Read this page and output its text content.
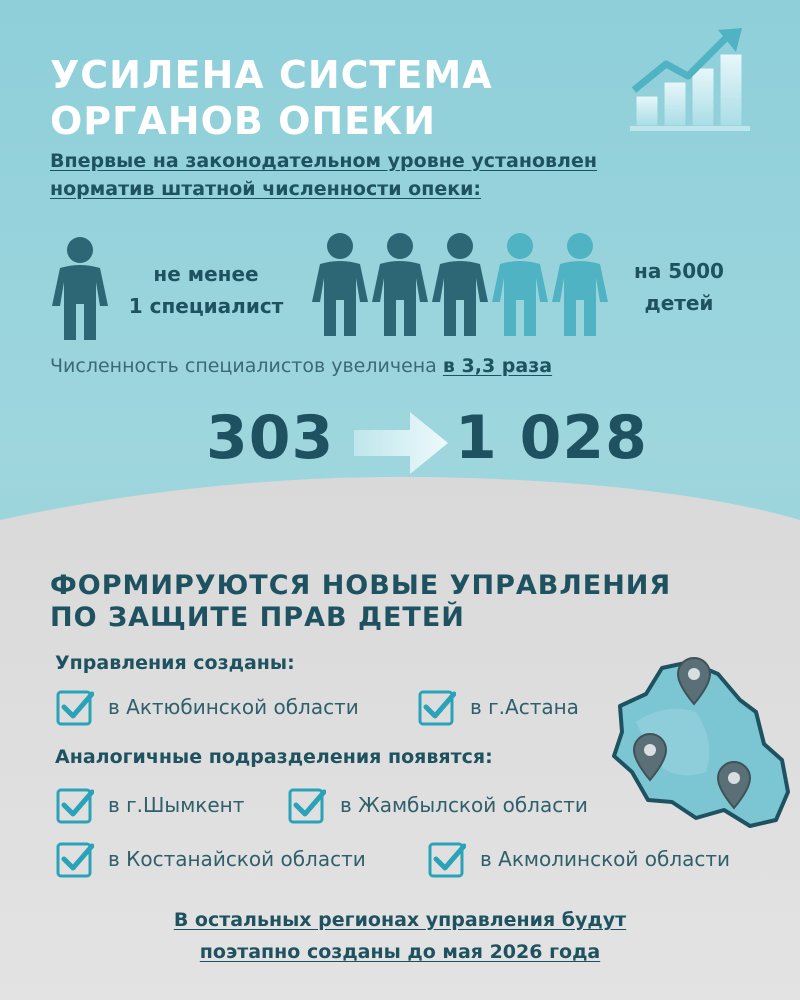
УСИЛЕНА СИСТЕМА
ОРГАНОВ ОПЕКИ
Впервые на законодательном уровне установлен
норматив штатной численности опеки:
не менее
1 специалист
на 5000
детей
Численность специалистов увеличена в 3,3 раза
303 1 028
ФОРМИРУЮТСЯ НОВЫЕ УПРАВЛЕНИЯ
ПО ЗАЩИТЕ ПРАВ ДЕТЕЙ
Управления созданы:
в Актюбинской области	в г.Астана
Аналогичные подразделения появятся:
в г.Шымкент	в Жамбылской области
в Костанайской области	в Акмолинской области
В остальных регионах управления будут
поэтапно созданы до мая 2026 года
